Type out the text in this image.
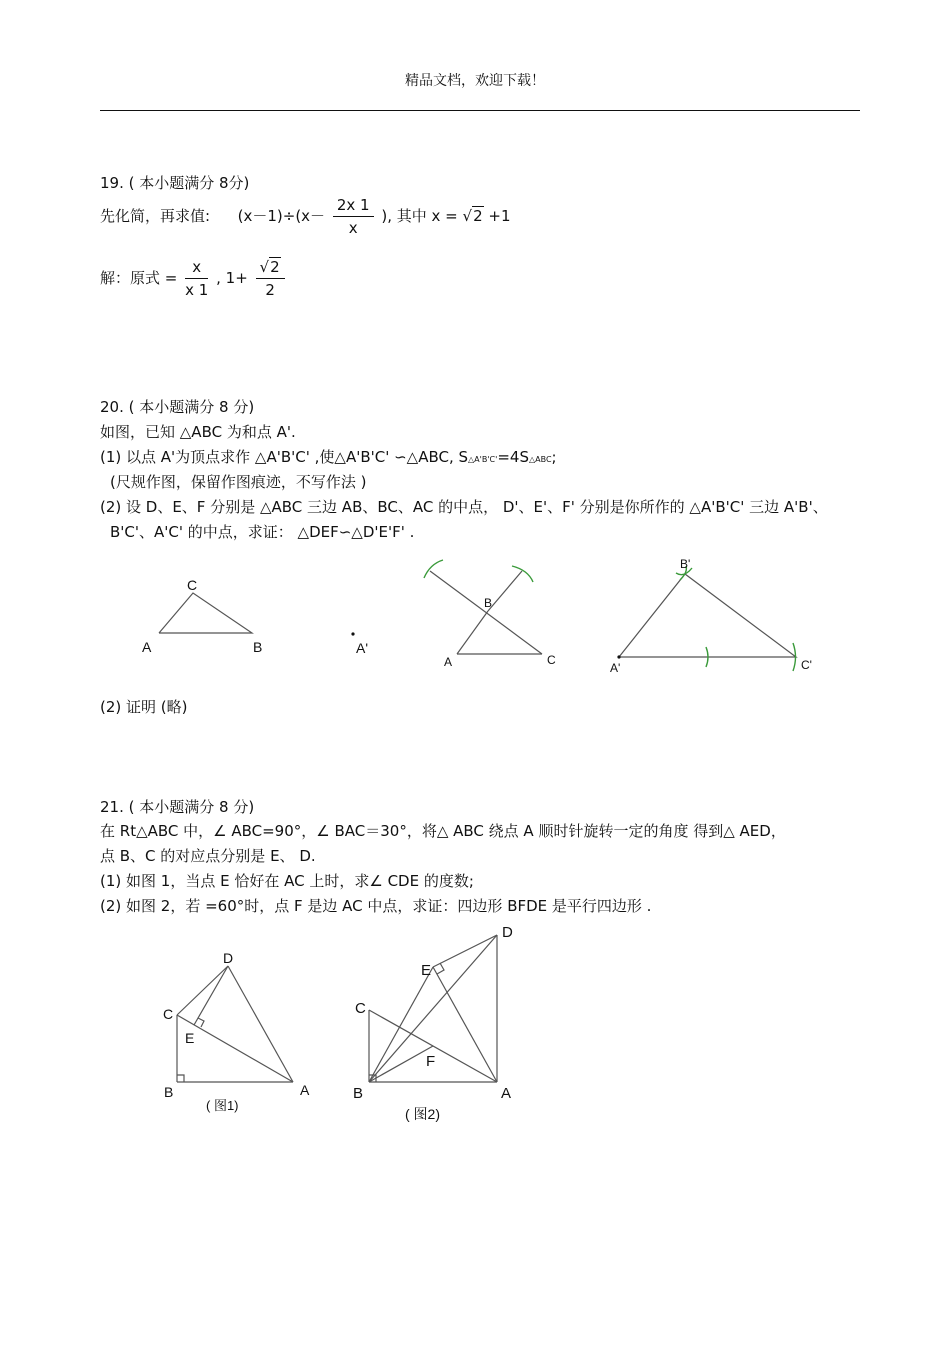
精品文档，欢迎下载！
19. ( 本小题满分 8分)
先化简，再求值: $(x-1)\div(x- \frac{2x 1}{x}$ ), 其中 x = √2 +1
解：原式 = $\frac{x}{x 1}$ , $1+ \frac{√2}{2}$
20. ( 本小题满分 8 分)
如图，已知 △ABC 为和点 A'.
(1) 以点 A'为顶点求作 △A'B'C' ,使△A'B'C' ∽△ABC, S△A'B'C'=4S△ABC;
(尺规作图，保留作图痕迹，不写作法 )
(2) 设 D、E、F 分别是 △ABC 三边 AB、BC、AC 的中点， D'、E'、F' 分别是你所作的 △A'B'C' 三边 A'B'、
B'C'、A'C' 的中点，求证： △DEF∽△D'E'F' .
C
A	B	A'
B
A	C
B'
A'	C'
(2) 证明 (略)
21. ( 本小题满分 8 分)
在 Rt△ABC 中，∠ ABC=90°，∠ BAC＝30°，将△ ABC 绕点 A 顺时针旋转一定的角度 得到△ AED，
点 B、C 的对应点分别是 E、 D.
(1) 如图 1，当点 E 恰好在 AC 上时，求∠ CDE 的度数;
(2) 如图 2，若 =60°时，点 F 是边 AC 中点，求证：四边形 BFDE 是平行四边形 .
D
C
E
B	A
( 图1)
D
E
C
F
B	A
( 图2)
